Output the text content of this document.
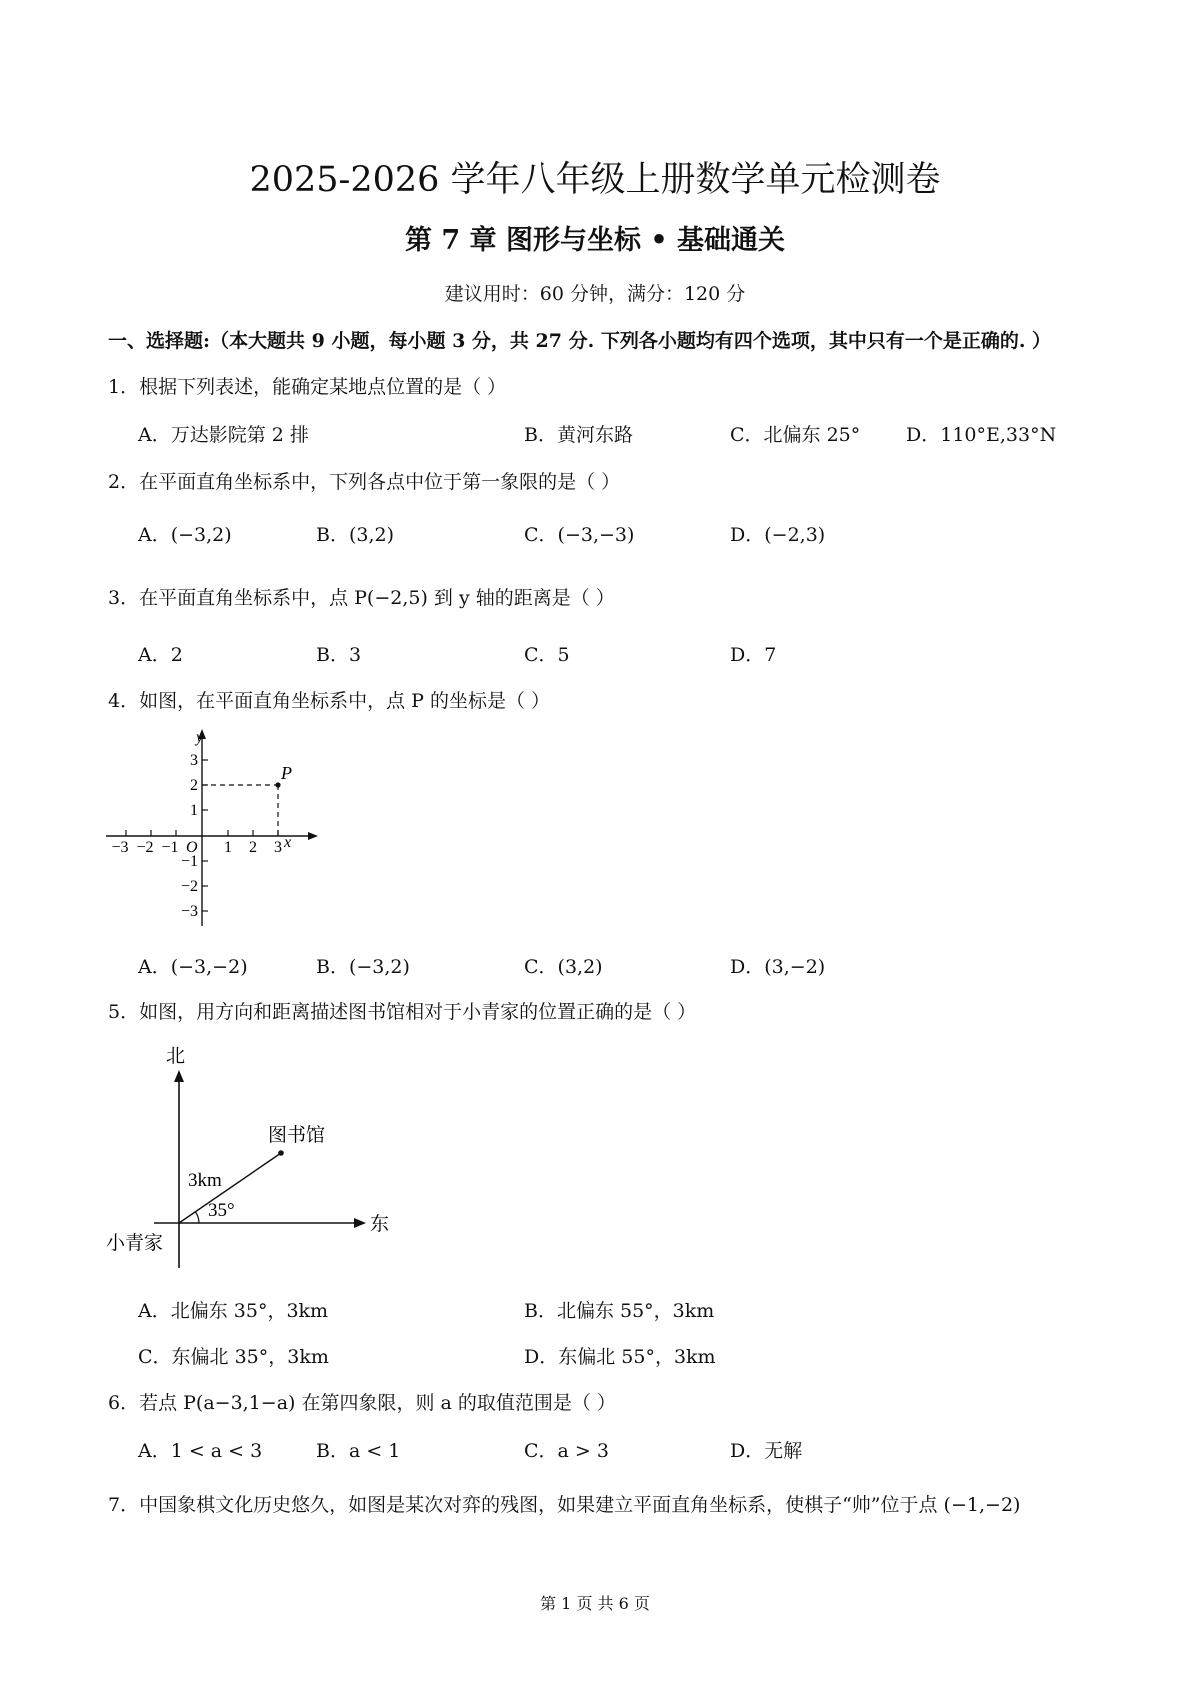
2025-2026 学年八年级上册数学单元检测卷
第 7 章 图形与坐标 • 基础通关
建议用时：60 分钟，满分：120 分
一、选择题:（本大题共 9 小题，每小题 3 分，共 27 分. 下列各小题均有四个选项，其中只有一个是正确的. ）
1．根据下列表述，能确定某地点位置的是（ ）
A．万达影院第 2 排	B．黄河东路	C．北偏东 25° D．110°E,33°N
2．在平面直角坐标系中，下列各点中位于第一象限的是（ ）
A．(−3,2)	B．(3,2)	C．(−3,−3)	D．(−2,3)
3．在平面直角坐标系中，点 P(−2,5) 到 y 轴的距离是（ ）
A．2	B．3	C．5	D．7
4．如图，在平面直角坐标系中，点 P 的坐标是（ ）
y
x
P
O
−3 −2 −1	1 2 3
3
2
1
−1
−2
−3
A．(−3,−2)	B．(−3,2)	C．(3,2)	D．(3,−2)
5．如图，用方向和距离描述图书馆相对于小青家的位置正确的是（ ）
北
东
图书馆
3km
35°
小青家
A．北偏东 35°，3km	B．北偏东 55°，3km
C．东偏北 35°，3km	D．东偏北 55°，3km
6．若点 P(a−3,1−a) 在第四象限，则 a 的取值范围是（ ）
A．1 < a < 3	B．a < 1	C．a > 3	D．无解
7．中国象棋文化历史悠久，如图是某次对弈的残图，如果建立平面直角坐标系，使棋子“帅”位于点 (−1,−2)
第 1 页 共 6 页
